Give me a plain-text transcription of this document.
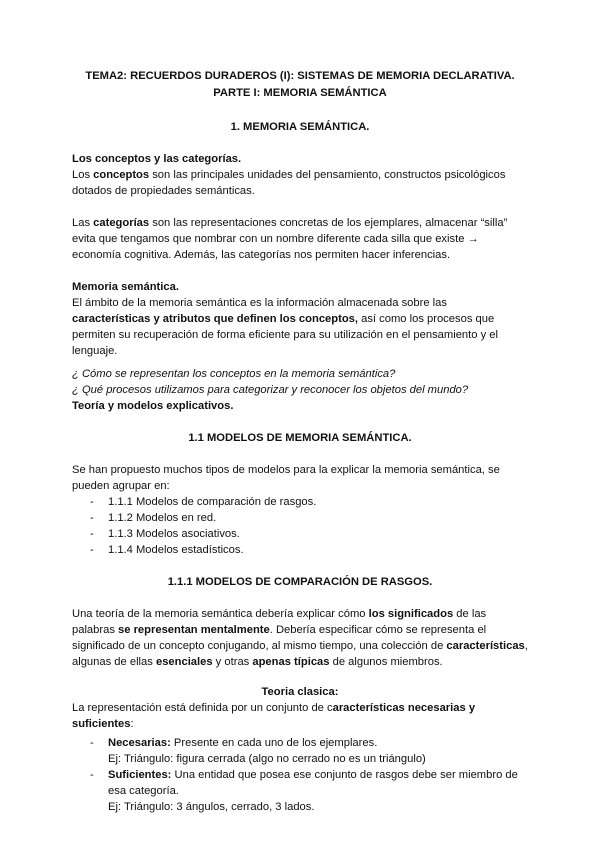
TEMA2: RECUERDOS DURADEROS (I): SISTEMAS DE MEMORIA DECLARATIVA.
PARTE I: MEMORIA SEMÁNTICA
1. MEMORIA SEMÁNTICA.

Los conceptos y las categorías.

Los conceptos son las principales unidades del pensamiento, constructos psicológicos dotados de propiedades semánticas.

Las categorías son las representaciones concretas de los ejemplares, almacenar “silla” evita que tengamos que nombrar con un nombre diferente cada silla que existe → economía cognitiva. Además, las categorías nos permiten hacer inferencias.

Memoria semántica.

El ámbito de la memoria semántica es la información almacenada sobre las características y atributos que definen los conceptos, así como los procesos que permiten su recuperación de forma eficiente para su utilización en el pensamiento y el lenguaje.

¿ Cómo se representan los conceptos en la memoria semántica?

¿ Qué procesos utilizamos para categorizar y reconocer los objetos del mundo?

Teoría y modelos explicativos.

1.1 MODELOS DE MEMORIA SEMÁNTICA.

Se han propuesto muchos tipos de modelos para la explicar la memoria semántica, se pueden agrupar en:

- 1.1.1 Modelos de comparación de rasgos.
- 1.1.2 Modelos en red.
- 1.1.3 Modelos asociativos.
- 1.1.4 Modelos estadísticos.
1.1.1 MODELOS DE COMPARACIÓN DE RASGOS.

Una teoría de la memoria semántica debería explicar cómo los significados de las palabras se representan mentalmente. Debería especificar cómo se representa el significado de un concepto conjugando, al mismo tiempo, una colección de características, algunas de ellas esenciales y otras apenas típicas de algunos miembros.

Teoria clasica:

La representación está definida por un conjunto de características necesarias y suficientes:

- Necesarias: Presente en cada uno de los ejemplares.
Ej: Triángulo: figura cerrada (algo no cerrado no es un triángulo)
- Suficientes: Una entidad que posea ese conjunto de rasgos debe ser miembro de esa categoría.
Ej: Triángulo: 3 ángulos, cerrado, 3 lados.
